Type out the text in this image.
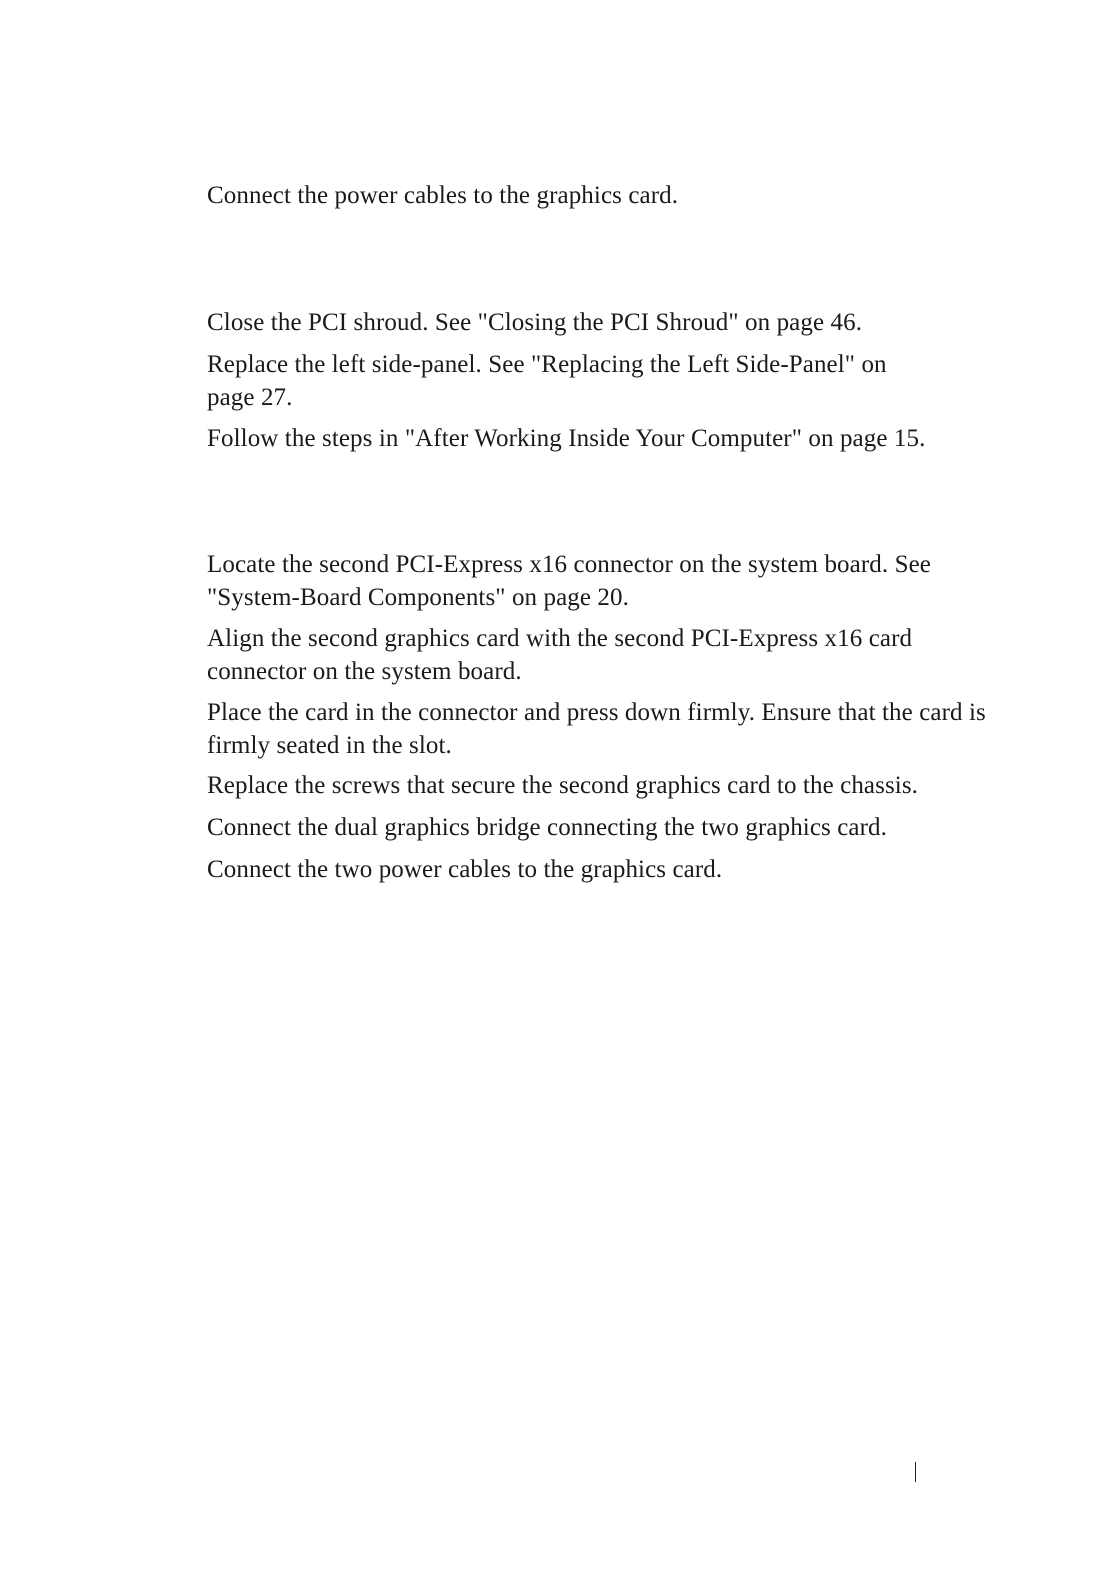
Connect the power cables to the graphics card.

Close the PCI shroud. See "Closing the PCI Shroud" on page 46.

Replace the left side-panel. See "Replacing the Left Side-Panel" on page 27.

Follow the steps in "After Working Inside Your Computer" on page 15.

Locate the second PCI-Express x16 connector on the system board. See "System-Board Components" on page 20.

Align the second graphics card with the second PCI-Express x16 card connector on the system board.

Place the card in the connector and press down firmly. Ensure that the card is firmly seated in the slot.

Replace the screws that secure the second graphics card to the chassis.

Connect the dual graphics bridge connecting the two graphics card.

Connect the two power cables to the graphics card.
